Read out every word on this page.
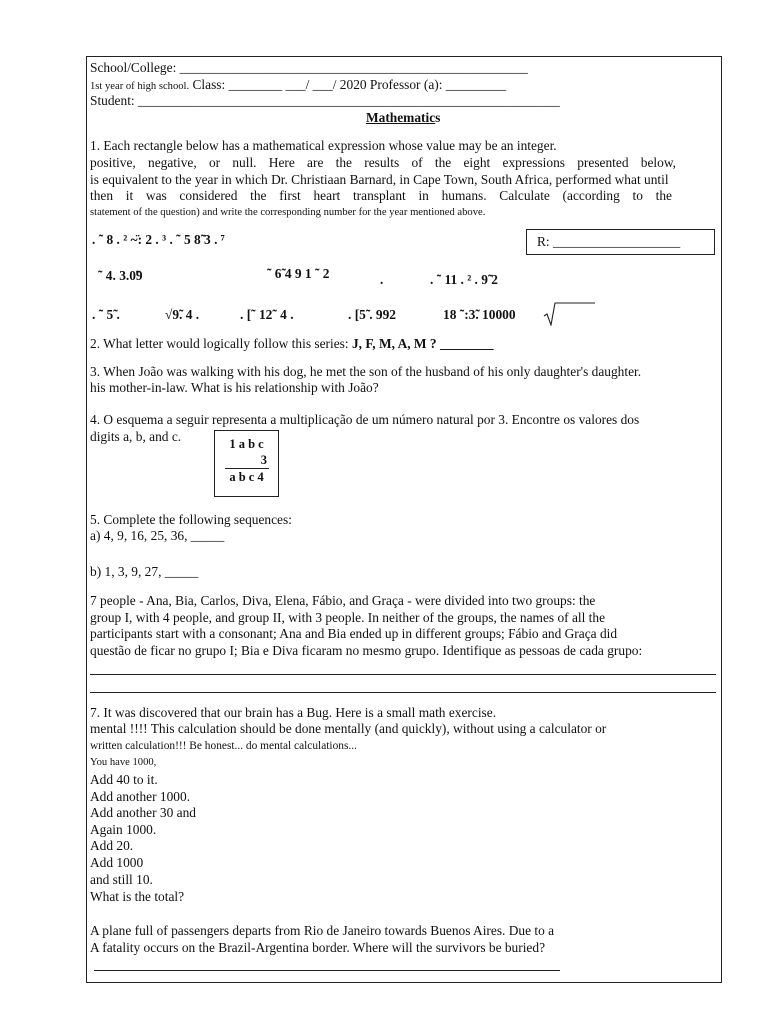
School/College: ____________________________________________________
1st year of high school. Class: ________ ___/ ___/ 2020 Professor (a): _________
Student: _______________________________________________________________
Mathematics
1. Each rectangle below has a mathematical expression whose value may be an integer.
positive, negative, or null. Here are the results of the eight expressions presented below,
is equivalent to the year in which Dr. Christiaan Barnard, in Cape Town, South Africa, performed what until
then it was considered the first heart transplant in humans. Calculate (according to the
statement of the question) and write the corresponding number for the year mentioned above.
. ˜ 8 . ² ~̈: 2 . ³ . ˜ 5 8̃ 3 . ⁷	R: ___________________
˜ 4. 3.0̃9	˜ 6̃ 4 9 1 ˜ 2	.	. ˜ 11 . ² . 9̃ 2
. ˜ 5̃ .	√9̃. 4 .	. [˜ 12˜ 4 .	. [5̃ . 992	18 ˜:3̃. 10000
2. What letter would logically follow this series: J, F, M, A, M ? ________
3. When João was walking with his dog, he met the son of the husband of his only daughter's daughter.
his mother-in-law. What is his relationship with João?
4. O esquema a seguir representa a multiplicação de um número natural por 3. Encontre os valores dos
digits a, b, and c.	1 a b c
3
a b c 4
5. Complete the following sequences:
a) 4, 9, 16, 25, 36, _____
b) 1, 3, 9, 27, _____
7 people - Ana, Bia, Carlos, Diva, Elena, Fábio, and Graça - were divided into two groups: the
group I, with 4 people, and group II, with 3 people. In neither of the groups, the names of all the
participants start with a consonant; Ana and Bia ended up in different groups; Fábio and Graça did
questão de ficar no grupo I; Bia e Diva ficaram no mesmo grupo. Identifique as pessoas de cada grupo:
7. It was discovered that our brain has a Bug. Here is a small math exercise.
mental !!!! This calculation should be done mentally (and quickly), without using a calculator or
written calculation!!! Be honest... do mental calculations...
You have 1000,
Add 40 to it.
Add another 1000.
Add another 30 and
Again 1000.
Add 20.
Add 1000
and still 10.
What is the total?
A plane full of passengers departs from Rio de Janeiro towards Buenos Aires. Due to a
A fatality occurs on the Brazil-Argentina border. Where will the survivors be buried?
